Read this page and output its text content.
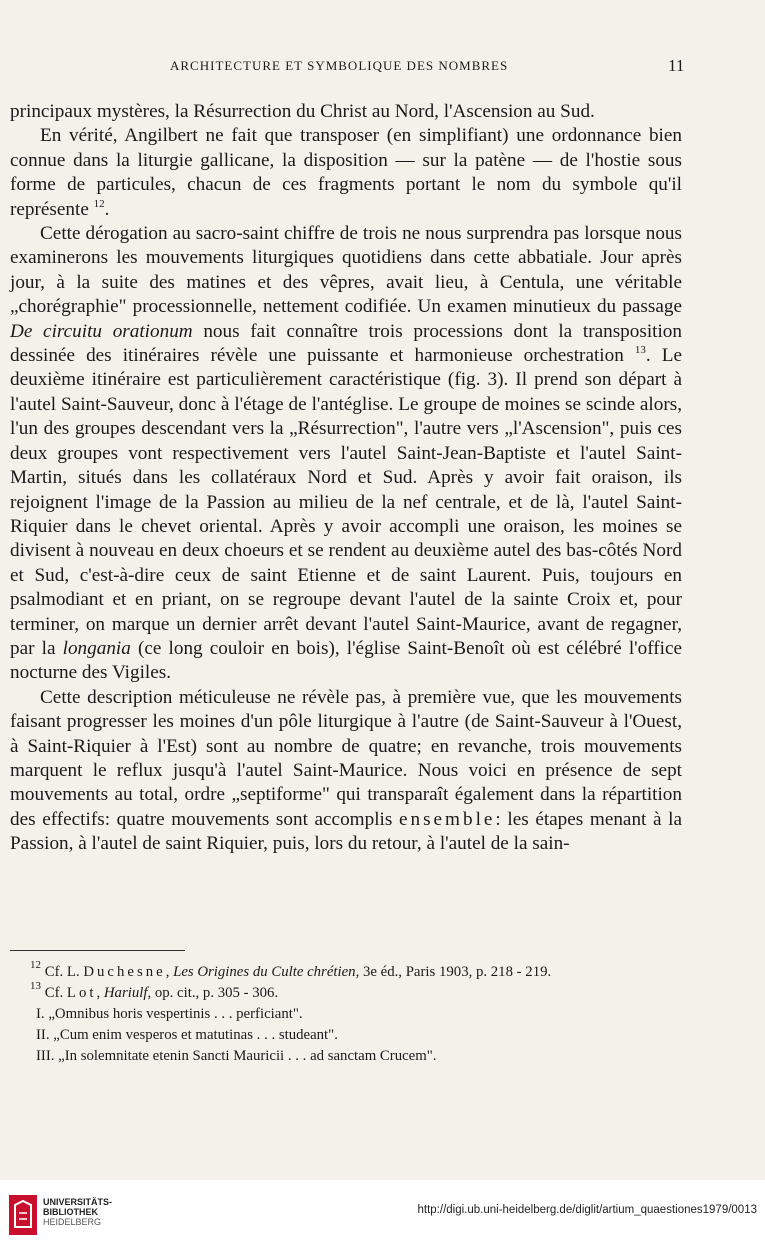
ARCHITECTURE ET SYMBOLIQUE DES NOMBRES	11

principaux mystères, la Résurrection du Christ au Nord, l'Ascension au Sud.

En vérité, Angilbert ne fait que transposer (en simplifiant) une ordonnance bien connue dans la liturgie gallicane, la disposition — sur la patène — de l'hostie sous forme de particules, chacun de ces fragments portant le nom du symbole qu'il représente $^{12}$.

Cette dérogation au sacro-saint chiffre de trois ne nous surprendra pas lorsque nous examinerons les mouvements liturgiques quotidiens dans cette abbatiale. Jour après jour, à la suite des matines et des vêpres, avait lieu, à Centula, une véritable „chorégraphie" processionnelle, nettement codifiée. Un examen minutieux du passage De circuitu orationum nous fait connaître trois processions dont la transposition dessinée des itinéraires révèle une puissante et harmonieuse orchestration $^{13}$. Le deuxième itinéraire est particulièrement caractéristique (fig. 3). Il prend son départ à l'autel Saint-Sauveur, donc à l'étage de l'antéglise. Le groupe de moines se scinde alors, l'un des groupes descendant vers la „Résurrection", l'autre vers „l'Ascension", puis ces deux groupes vont respectivement vers l'autel Saint-Jean-Baptiste et l'autel Saint-Martin, situés dans les collatéraux Nord et Sud. Après y avoir fait oraison, ils rejoignent l'image de la Passion au milieu de la nef centrale, et de là, l'autel Saint-Riquier dans le chevet oriental. Après y avoir accompli une oraison, les moines se divisent à nouveau en deux choeurs et se rendent au deuxième autel des bas-côtés Nord et Sud, c'est-à-dire ceux de saint Etienne et de saint Laurent. Puis, toujours en psalmodiant et en priant, on se regroupe devant l'autel de la sainte Croix et, pour terminer, on marque un dernier arrêt devant l'autel Saint-Maurice, avant de regagner, par la longania (ce long couloir en bois), l'église Saint-Benoît où est célébré l'office nocturne des Vigiles.

Cette description méticuleuse ne révèle pas, à première vue, que les mouvements faisant progresser les moines d'un pôle liturgique à l'autre (de Saint-Sauveur à l'Ouest, à Saint-Riquier à l'Est) sont au nombre de quatre; en revanche, trois mouvements marquent le reflux jusqu'à l'autel Saint-Maurice. Nous voici en présence de sept mouvements au total, ordre „septiforme" qui transparaît également dans la répartition des effectifs: quatre mouvements sont accomplis ensemble: les étapes menant à la Passion, à l'autel de saint Riquier, puis, lors du retour, à l'autel de la sain-

$^{12}$ Cf. L. Duchesne, Les Origines du Culte chrétien, 3e éd., Paris 1903, p. 218 - 219.
$^{13}$ Cf. Lot, Hariulf, op. cit., p. 305 - 306.
I. „Omnibus horis vespertinis . . . perficiant".
II. „Cum enim vesperos et matutinas . . . studeant".
III. „In solemnitate etenin Sancti Mauricii . . . ad sanctam Crucem".
UNIVERSITÄTS-
BIBLIOTHEK
HEIDELBERG
http://digi.ub.uni-heidelberg.de/diglit/artium_quaestiones1979/0013
